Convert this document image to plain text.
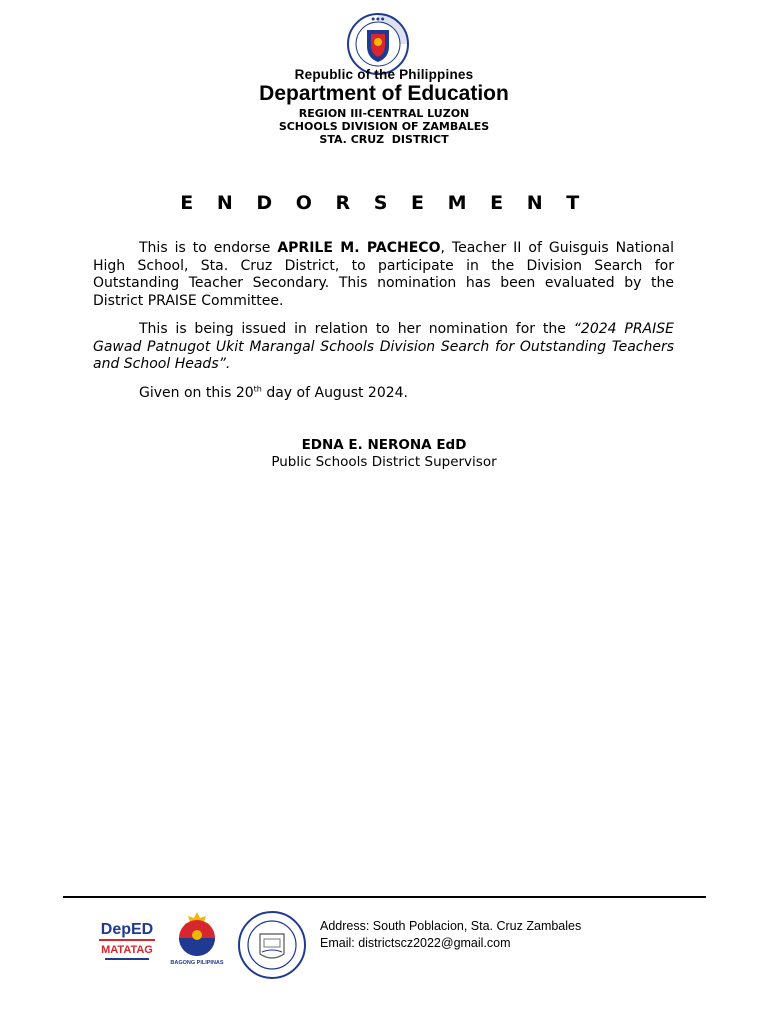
● ● ●
Republic of the Philippines
Department of Education
REGION III-CENTRAL LUZON
SCHOOLS DIVISION OF ZAMBALES
STA. CRUZ  DISTRICT
E N D O R S E M E N T

This is to endorse APRILE M. PACHECO, Teacher II of Guisguis National High School, Sta. Cruz District, to participate in the Division Search for Outstanding Teacher Secondary. This nomination has been evaluated by the District PRAISE Committee.

This is being issued in relation to her nomination for the “2024 PRAISE Gawad Patnugot Ukit Marangal Schools Division Search for Outstanding Teachers and School Heads”.

Given on this 20th day of August 2024.

EDNA E. NERONA EdD
Public Schools District Supervisor
DepED
MATATAG
BAGONG PILIPINAS
Address: South Poblacion, Sta. Cruz Zambales
Email: districtscz2022@gmail.com
